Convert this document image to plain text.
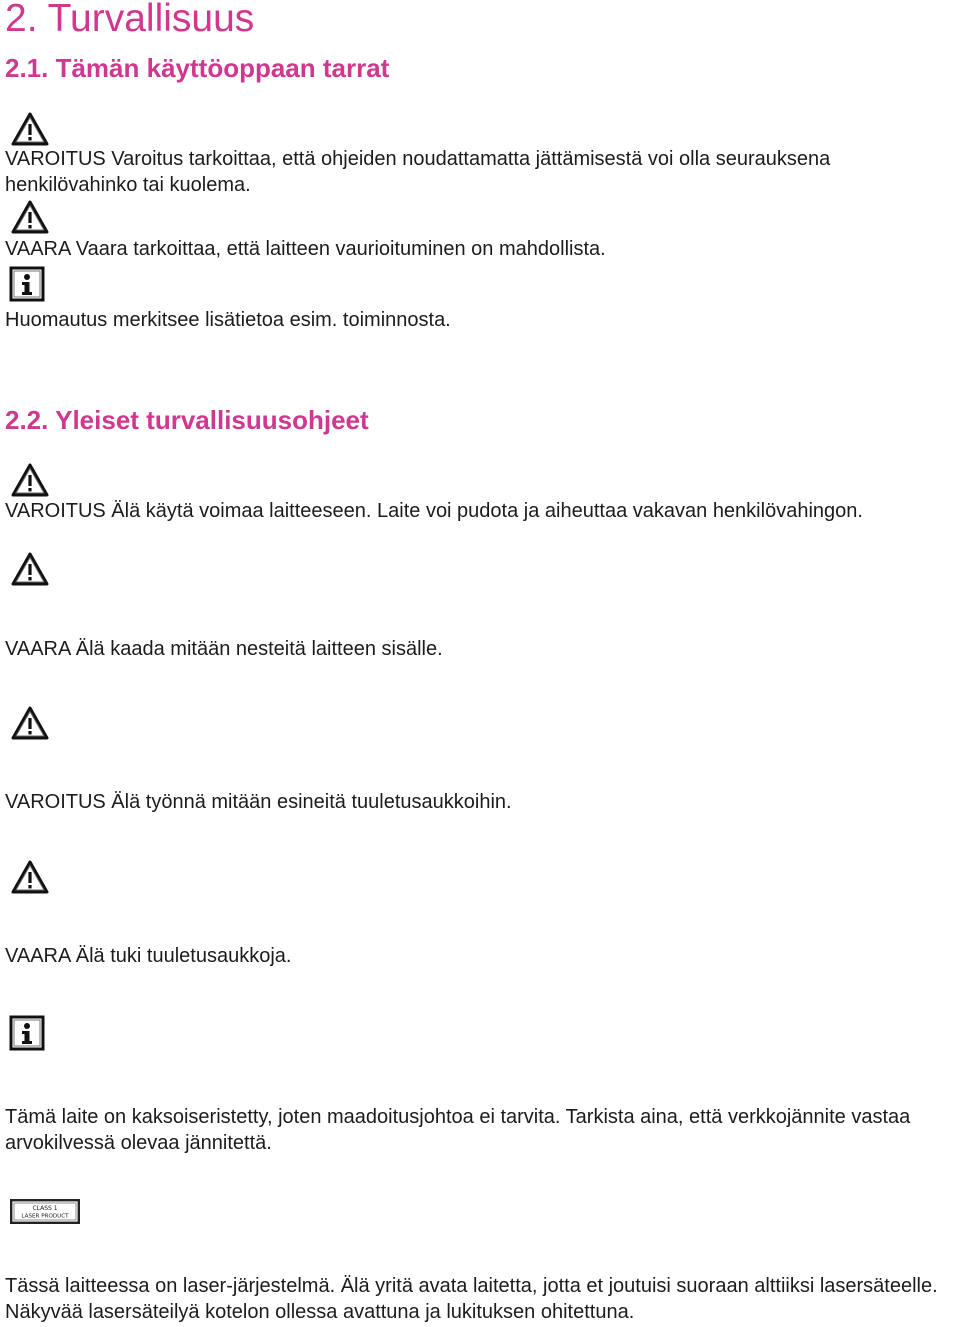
2. Turvallisuus
2.1. Tämän käyttöoppaan tarrat
VAROITUS Varoitus tarkoittaa, että ohjeiden noudattamatta jättämisestä voi olla seurauksena henkilövahinko tai kuolema.
VAARA Vaara tarkoittaa, että laitteen vaurioituminen on mahdollista.
Huomautus merkitsee lisätietoa esim. toiminnosta.
2.2. Yleiset turvallisuusohjeet
VAROITUS Älä käytä voimaa laitteeseen. Laite voi pudota ja aiheuttaa vakavan henkilövahingon.
VAARA Älä kaada mitään nesteitä laitteen sisälle.
VAROITUS Älä työnnä mitään esineitä tuuletusaukkoihin.
VAARA Älä tuki tuuletusaukkoja.
Tämä laite on kaksoiseristetty, joten maadoitusjohtoa ei tarvita. Tarkista aina, että verkkojännite vastaa arvokilvessä olevaa jännitettä.
CLASS 1
LASER PRODUCT
Tässä laitteessa on laser-järjestelmä. Älä yritä avata laitetta, jotta et joutuisi suoraan alttiiksi lasersäteelle. Näkyvää lasersäteilyä kotelon ollessa avattuna ja lukituksen ohitettuna.
